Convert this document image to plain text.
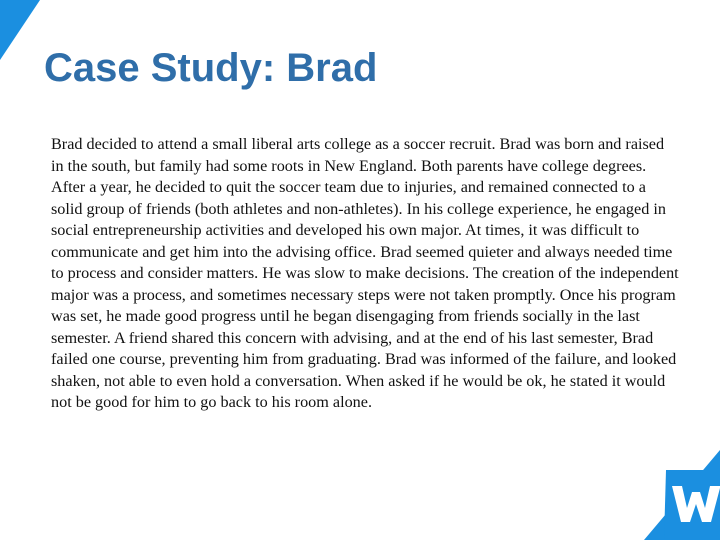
Case Study: Brad

Brad decided to attend a small liberal arts college as a soccer recruit. Brad was born and raised in the south, but family had some roots in New England. Both parents have college degrees. After a year, he decided to quit the soccer team due to injuries, and remained connected to a solid group of friends (both athletes and non-athletes). In his college experience, he engaged in social entrepreneurship activities and developed his own major. At times, it was difficult to communicate and get him into the advising office. Brad seemed quieter and always needed time to process and consider matters. He was slow to make decisions. The creation of the independent major was a process, and sometimes necessary steps were not taken promptly. Once his program was set, he made good progress until he began disengaging from friends socially in the last semester. A friend shared this concern with advising, and at the end of his last semester, Brad failed one course, preventing him from graduating. Brad was informed of the failure, and looked shaken, not able to even hold a conversation. When asked if he would be ok, he stated it would not be good for him to go back to his room alone.
